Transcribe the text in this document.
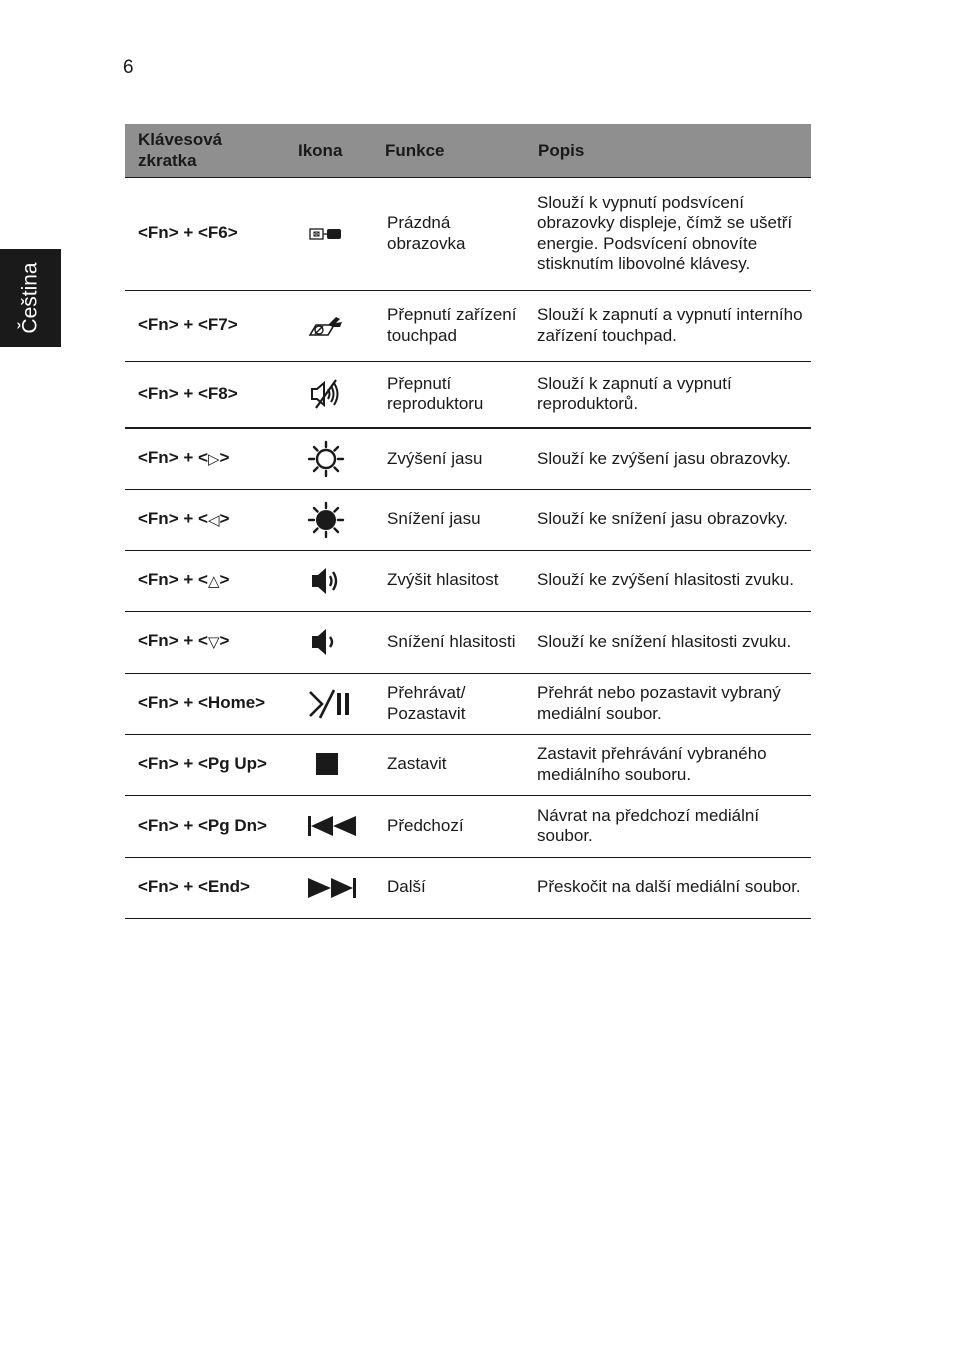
6
Čeština
Klávesová zkratka	Ikona	Funkce	Popis
<Fn> + <F6>		Prázdná obrazovka	Slouží k vypnutí podsvícení obrazovky displeje, čímž se ušetří energie. Podsvícení obnovíte stisknutím libovolné klávesy.
<Fn> + <F7>		Přepnutí zařízení touchpad	Slouží k zapnutí a vypnutí interního zařízení touchpad.
<Fn> + <F8>		Přepnutí reproduktoru	Slouží k zapnutí a vypnutí reproduktorů.
<Fn> + <▷>		Zvýšení jasu	Slouží ke zvýšení jasu obrazovky.
<Fn> + <◁>		Snížení jasu	Slouží ke snížení jasu obrazovky.
<Fn> + <△>		Zvýšit hlasitost	Slouží ke zvýšení hlasitosti zvuku.
<Fn> + <▽>		Snížení hlasitosti	Slouží ke snížení hlasitosti zvuku.
<Fn> + <Home>		Přehrávat/ Pozastavit	Přehrát nebo pozastavit vybraný mediální soubor.
<Fn> + <Pg Up>		Zastavit	Zastavit přehrávání vybraného mediálního souboru.
<Fn> + <Pg Dn>		Předchozí	Návrat na předchozí mediální soubor.
<Fn> + <End>		Další	Přeskočit na další mediální soubor.
